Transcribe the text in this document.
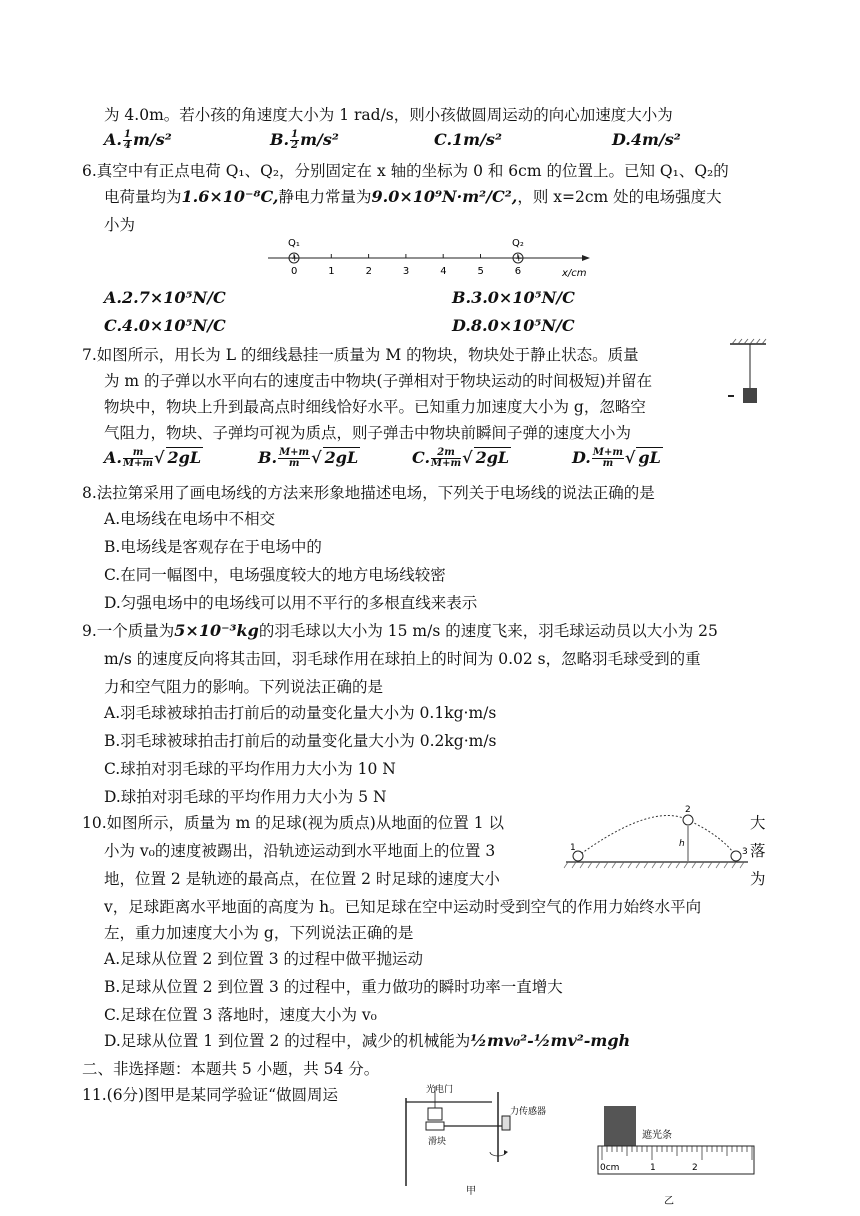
为 4.0m。若小孩的角速度大小为 1 rad/s，则小孩做圆周运动的向心加速度大小为
A. $\frac{1}{4} m/s^2$	B. $\frac{1}{2} m/s^2$	C.1m/s²	D.4m/s²
6.真空中有正点电荷 Q₁、Q₂，分别固定在 x 轴的坐标为 0 和 6cm 的位置上。已知 Q₁、Q₂的
电荷量均为1.6×10⁻⁸C,静电力常量为9.0×10⁹N·m²/C²,，则 x=2cm 处的电场强度大
小为
+	+
Q₁	Q₂
0	1	2	3	4	5	6	x/cm
A.2.7×10⁵N/C	B.3.0×10⁵N/C
C.4.0×10⁵N/C	D.8.0×10⁵N/C
7.如图所示，用长为 L 的细线悬挂一质量为 M 的物块，物块处于静止状态。质量
为 m 的子弹以水平向右的速度击中物块(子弹相对于物块运动的时间极短)并留在
物块中，物块上升到最高点时细线恰好水平。已知重力加速度大小为 g，忽略空
气阻力，物块、子弹均可视为质点，则子弹击中物块前瞬间子弹的速度大小为
A. $\frac{m}{M+m}$ √ 2gL	B. $\frac{M+m}{m}$ √ 2gL	C. $\frac{2m}{M+m}$ √ 2gL	D. $\frac{M+m}{m}$ √ gL
8.法拉第采用了画电场线的方法来形象地描述电场，下列关于电场线的说法正确的是
A.电场线在电场中不相交
B.电场线是客观存在于电场中的
C.在同一幅图中，电场强度较大的地方电场线较密
D.匀强电场中的电场线可以用不平行的多根直线来表示
9.一个质量为5×10⁻³kg的羽毛球以大小为 15 m/s 的速度飞来，羽毛球运动员以大小为 25
m/s 的速度反向将其击回，羽毛球作用在球拍上的时间为 0.02 s，忽略羽毛球受到的重
力和空气阻力的影响。下列说法正确的是
A.羽毛球被球拍击打前后的动量变化量大小为 0.1kg·m/s
B.羽毛球被球拍击打前后的动量变化量大小为 0.2kg·m/s
C.球拍对羽毛球的平均作用力大小为 10 N
D.球拍对羽毛球的平均作用力大小为 5 N
10.如图所示，质量为 m 的足球(视为质点)从地面的位置 1 以	大
小为 v₀的速度被踢出，沿轨迹运动到水平地面上的位置 3	落
地，位置 2 是轨迹的最高点，在位置 2 时足球的速度大小	为
1
2
3
h
v，足球距离水平地面的高度为 h。已知足球在空中运动时受到空气的作用力始终水平向
左，重力加速度大小为 g，下列说法正确的是
A.足球从位置 2 到位置 3 的过程中做平抛运动
B.足球从位置 2 到位置 3 的过程中，重力做功的瞬时功率一直增大
C.足球在位置 3 落地时，速度大小为 v₀
D.足球从位置 1 到位置 2 的过程中，减少的机械能为½mv₀²-½mv²-mgh
二、非选择题：本题共 5 小题，共 54 分。
11.(6分)图甲是某同学验证“做圆周运	光电门
力传感器
滑块
甲
遮光条
0cm	1	2
乙
